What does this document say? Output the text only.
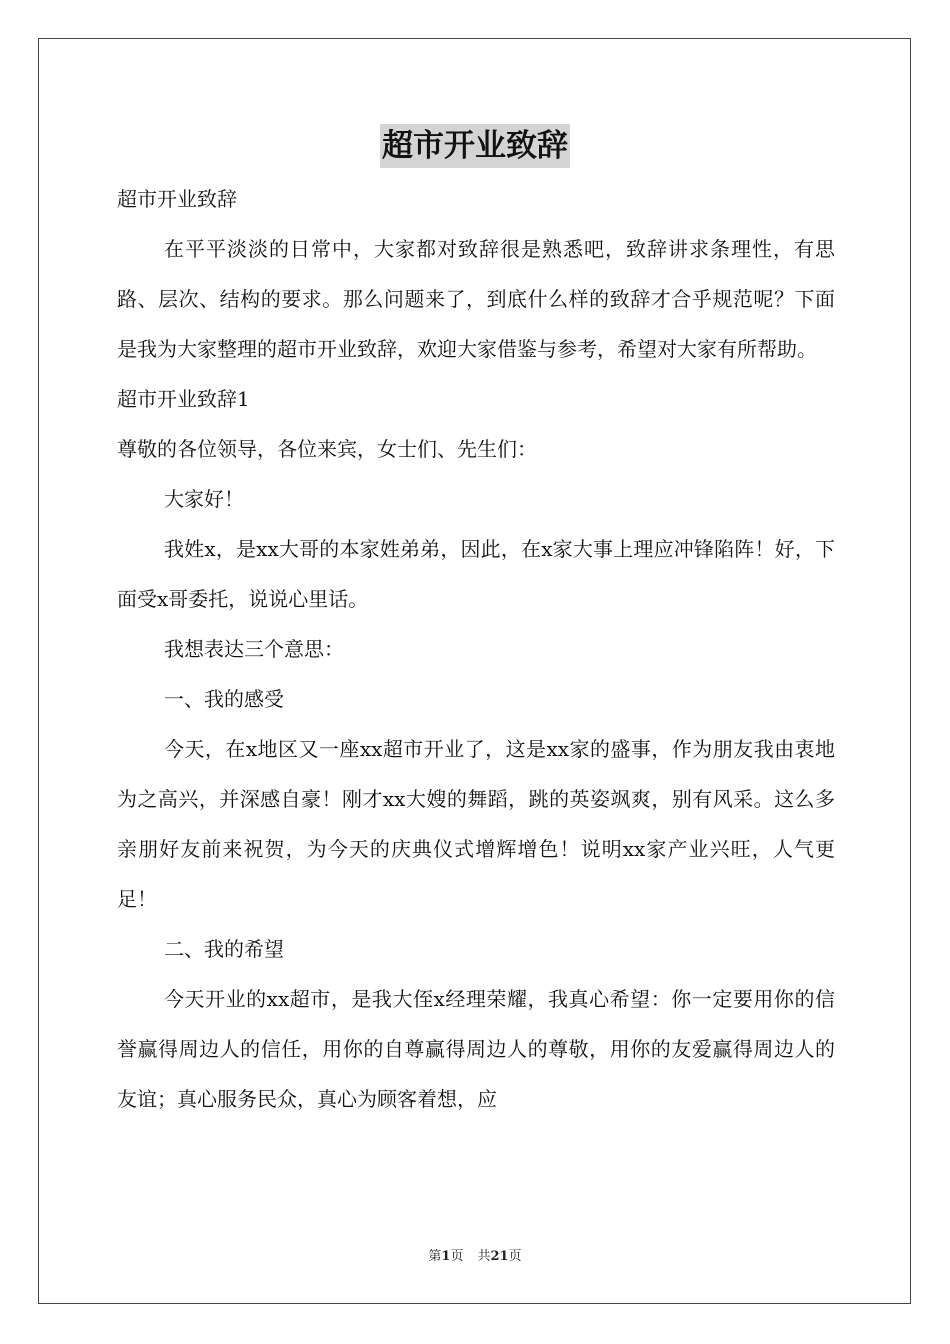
超市开业致辞

超市开业致辞

在平平淡淡的日常中，大家都对致辞很是熟悉吧，致辞讲求条理性，有思路、层次、结构的要求。那么问题来了，到底什么样的致辞才合乎规范呢？下面是我为大家整理的超市开业致辞，欢迎大家借鉴与参考，希望对大家有所帮助。

超市开业致辞1

尊敬的各位领导，各位来宾，女士们、先生们：

大家好！

我姓x，是xx大哥的本家姓弟弟，因此，在x家大事上理应冲锋陷阵！好，下面受x哥委托，说说心里话。

我想表达三个意思：

一、我的感受

今天，在x地区又一座xx超市开业了，这是xx家的盛事，作为朋友我由衷地为之高兴，并深感自豪！刚才xx大嫂的舞蹈，跳的英姿飒爽，别有风采。这么多亲朋好友前来祝贺，为今天的庆典仪式增辉增色！说明xx家产业兴旺，人气更足！

二、我的希望

今天开业的xx超市，是我大侄x经理荣耀，我真心希望：你一定要用你的信誉赢得周边人的信任，用你的自尊赢得周边人的尊敬，用你的友爱赢得周边人的友谊；真心服务民众，真心为顾客着想，应

第1页 共21页
